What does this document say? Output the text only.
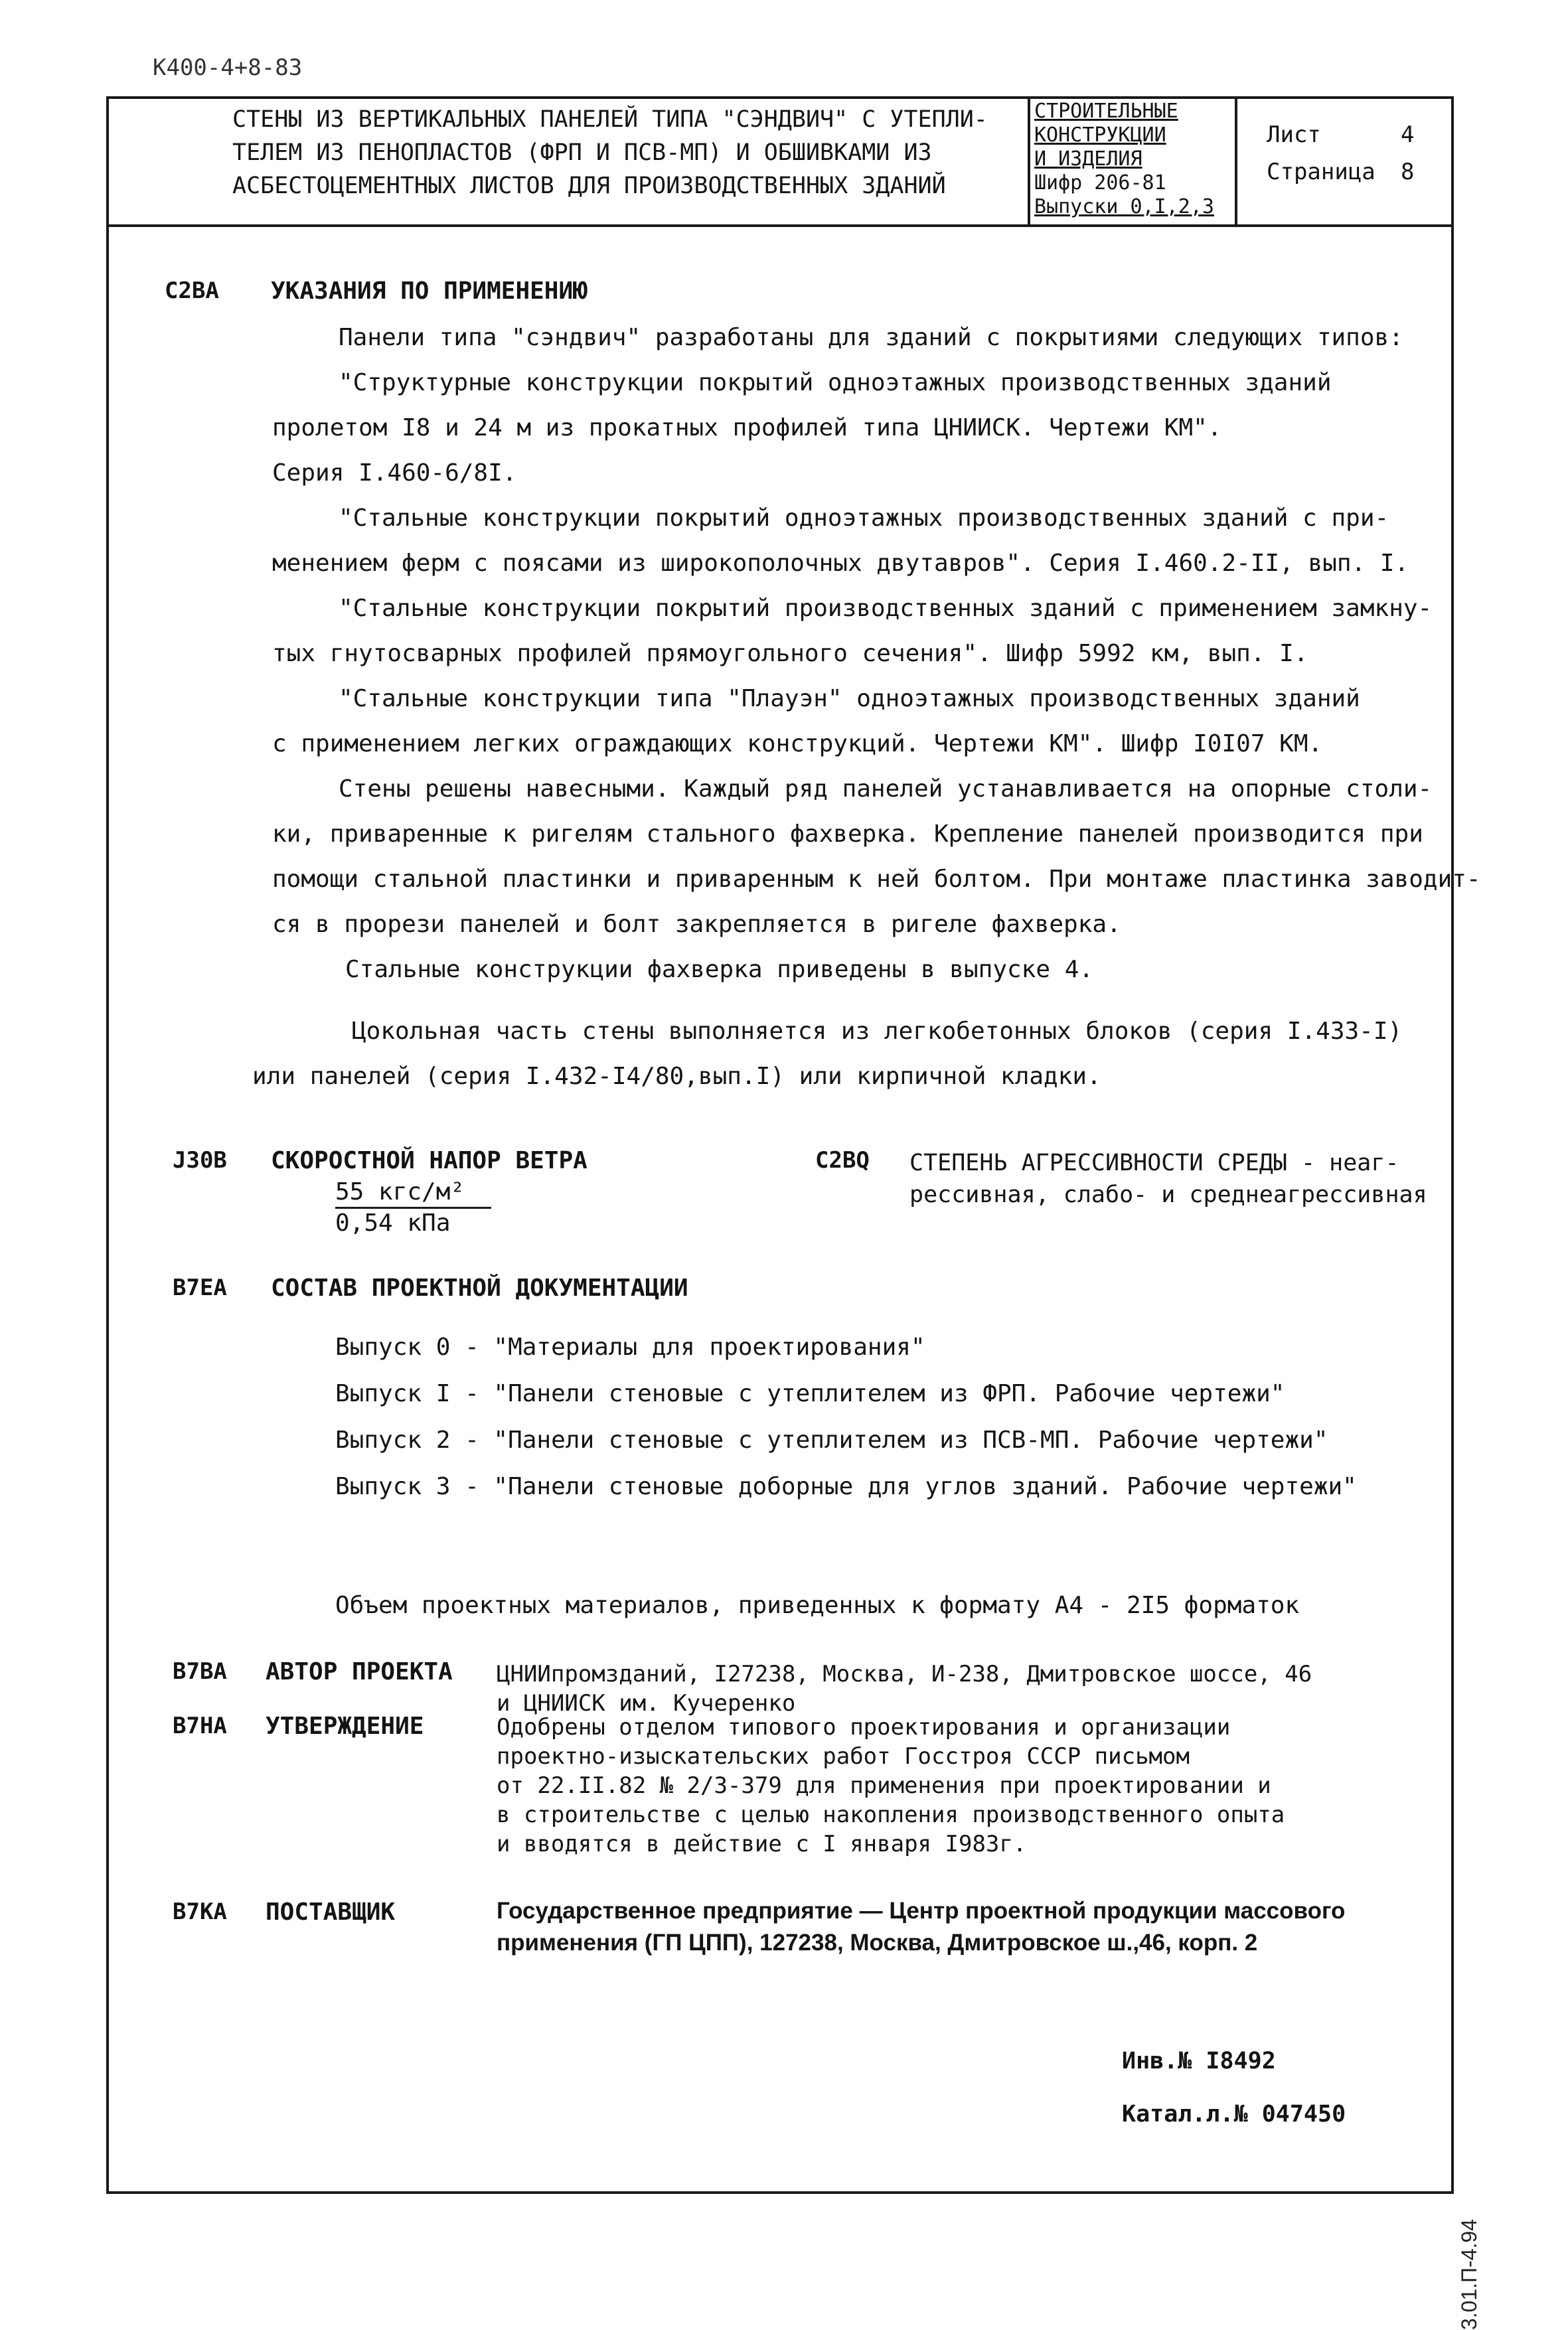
К400-4+8-83
СТЕНЫ ИЗ ВЕРТИКАЛЬНЫХ ПАНЕЛЕЙ ТИПА "СЭНДВИЧ" С УТЕПЛИ-
ТЕЛЕМ ИЗ ПЕНОПЛАСТОВ (ФРП И ПСВ-МП) И ОБШИВКАМИ ИЗ
АСБЕСТОЦЕМЕНТНЫХ ЛИСТОВ ДЛЯ ПРОИЗВОДСТВЕННЫХ ЗДАНИЙ
СТРОИТЕЛЬНЫЕ
КОНСТРУКЦИИ
И ИЗДЕЛИЯ
Шифр 206-81
Выпуски 0,I,2,3
Лист
Страница
4
8
C2BA УКАЗАНИЯ ПО ПРИМЕНЕНИЮ
Панели типа "сэндвич" разработаны для зданий с покрытиями следующих типов:
"Структурные конструкции покрытий одноэтажных производственных зданий
пролетом I8 и 24 м из прокатных профилей типа ЦНИИСК. Чертежи КМ".
Серия I.460-6/8I.
"Стальные конструкции покрытий одноэтажных производственных зданий с при-
менением ферм с поясами из широкополочных двутавров". Серия I.460.2-II, вып. I.
"Стальные конструкции покрытий производственных зданий с применением замкну-
тых гнутосварных профилей прямоугольного сечения". Шифр 5992 км, вып. I.
"Стальные конструкции типа "Плауэн" одноэтажных производственных зданий
с применением легких ограждающих конструкций. Чертежи КМ". Шифр I0I07 КМ.
Стены решены навесными. Каждый ряд панелей устанавливается на опорные столи-
ки, приваренные к ригелям стального фахверка. Крепление панелей производится при
помощи стальной пластинки и приваренным к ней болтом. При монтаже пластинка заводит-
ся в прорези панелей и болт закрепляется в ригеле фахверка.
Стальные конструкции фахверка приведены в выпуске 4.
Цокольная часть стены выполняется из легкобетонных блоков (серия I.433-I)
или панелей (серия I.432-I4/80,вып.I) или кирпичной кладки.
J30B СКОРОСТНОЙ НАПОР ВЕТРА
55 кгс/м²
0,54 кПа
C2BQ СТЕПЕНЬ АГРЕССИВНОСТИ СРЕДЫ - неаг-
рессивная, слабо- и среднеагрессивная
B7EA СОСТАВ ПРОЕКТНОЙ ДОКУМЕНТАЦИИ
Выпуск 0 - "Материалы для проектирования"
Выпуск I - "Панели стеновые с утеплителем из ФРП. Рабочие чертежи"
Выпуск 2 - "Панели стеновые с утеплителем из ПСВ-МП. Рабочие чертежи"
Выпуск 3 - "Панели стеновые доборные для углов зданий. Рабочие чертежи"
Объем проектных материалов, приведенных к формату А4 - 2I5 форматок
B7BA АВТОР ПРОЕКТА ЦНИИпромзданий, I27238, Москва, И-238, Дмитровское шоссе, 46
и ЦНИИСК им. Кучеренко
B7HA УТВЕРЖДЕНИЕ	Одобрены отделом типового проектирования и организации
проектно-изыскательских работ Госстроя СССР письмом
от 22.II.82 № 2/3-379 для применения при проектировании и
в строительстве с целью накопления производственного опыта
и вводятся в действие с I января I983г.
B7KA ПОСТАВЩИК	Государственное предприятие — Центр проектной продукции массового
применения (ГП ЦПП), 127238, Москва, Дмитровское ш.,46, корп. 2
Инв.№ I8492
Катал.л.№ 047450
3.01.П-4.94
